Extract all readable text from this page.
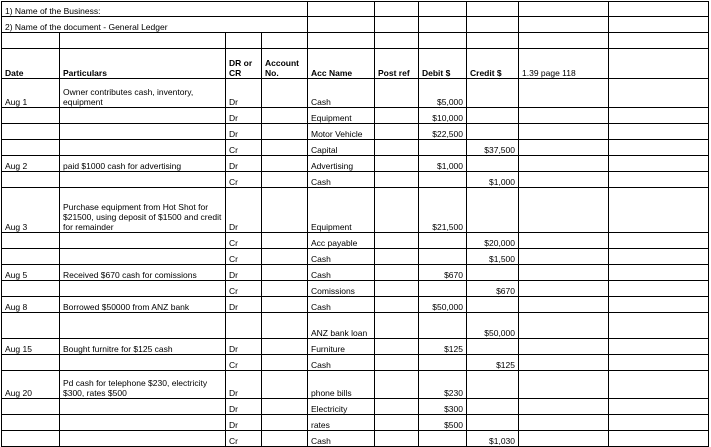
1) Name of the Business:									
2) Name of the document - General Ledger									

Date	Particulars	DR or CR	Account No.	Acc Name	Post ref	Debit $	Credit $	1.39 page 118	
Aug 1	Owner contributes cash, inventory, equipment	Dr		Cash		$5,000			
		Dr		Equipment		$10,000			
		Dr		Motor Vehicle		$22,500			
		Cr		Capital			$37,500		
Aug 2	paid $1000 cash for advertising	Dr		Advertising		$1,000			
		Cr		Cash			$1,000		
Aug 3	Purchase equipment from Hot Shot for $21500, using deposit of $1500 and credit for remainder	Dr		Equipment		$21,500			
		Cr		Acc payable			$20,000		
		Cr		Cash			$1,500		
Aug 5	Received $670 cash for comissions	Dr		Cash		$670			
		Cr		Comissions			$670		
Aug 8	Borrowed $50000 from ANZ bank	Dr		Cash		$50,000			
				ANZ bank loan			$50,000		
Aug 15	Bought furnitre for $125 cash	Dr		Furniture		$125			
		Cr		Cash			$125		
Aug 20	Pd cash for telephone $230, electricity $300, rates $500	Dr		phone bills		$230			
		Dr		Electricity		$300			
		Dr		rates		$500			
		Cr		Cash			$1,030		
